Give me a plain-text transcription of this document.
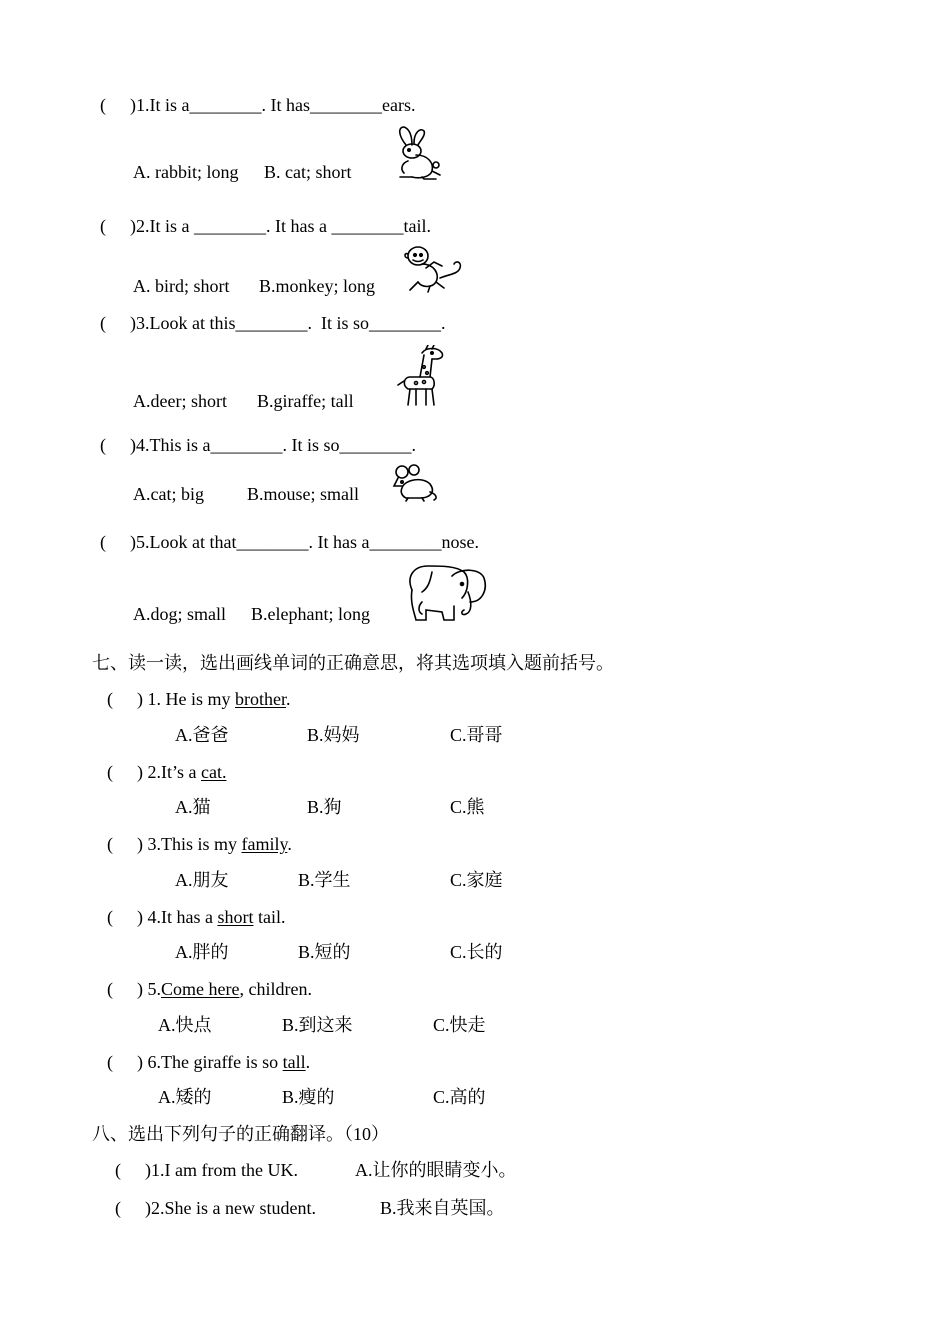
( )1.It is a________. It has________ears.
A. rabbit; long B. cat; short
( )2.It is a ________. It has a ________tail.
A. bird; short B.monkey; long
( )3.Look at this________.  It is so________.
A.deer; short B.giraffe; tall
( )4.This is a________. It is so________.
A.cat; big B.mouse; small
( )5.Look at that________. It has a________nose.
A.dog; small B.elephant; long
七、读一读，选出画线单词的正确意思，将其选项填入题前括号。
( ) 1. He is my brother.
A.爸爸	B.妈妈	C.哥哥
( ) 2.It’s a cat.
A.猫	B.狗	C.熊
( ) 3.This is my family.
A.朋友	B.学生	C.家庭
( ) 4.It has a short tail.
A.胖的	B.短的	C.长的
( ) 5.Come here, children.
A.快点	B.到这来	C.快走
( ) 6.The giraffe is so tall.
A.矮的	B.瘦的	C.高的
八、选出下列句子的正确翻译。（10）
( )1.I am from the UK.	A.让你的眼睛变小。
( )2.She is a new student.	B.我来自英国。
